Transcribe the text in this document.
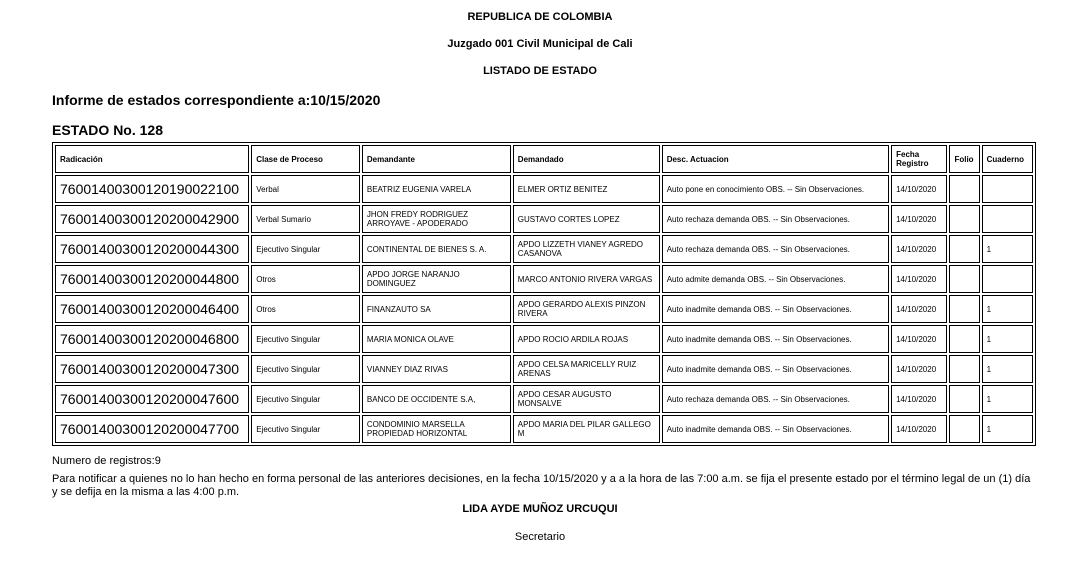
REPUBLICA DE COLOMBIA
Juzgado 001 Civil Municipal de Cali
LISTADO DE ESTADO
Informe de estados correspondiente a:10/15/2020
ESTADO No. 128
Radicación	Clase de Proceso	Demandante	Demandado	Desc. Actuacion	Fecha Registro	Folio	Cuaderno
76001400300120190022100	Verbal	BEATRIZ EUGENIA VARELA	ELMER ORTIZ BENITEZ	Auto pone en conocimiento OBS. -- Sin Observaciones.	14/10/2020		
76001400300120200042900	Verbal Sumario	JHON FREDY RODRIGUEZ ARROYAVE - APODERADO	GUSTAVO CORTES LOPEZ	Auto rechaza demanda OBS. -- Sin Observaciones.	14/10/2020		
76001400300120200044300	Ejecutivo Singular	CONTINENTAL DE BIENES S. A.	APDO LIZZETH VIANEY AGREDO CASANOVA	Auto rechaza demanda OBS. -- Sin Observaciones.	14/10/2020		1
76001400300120200044800	Otros	APDO JORGE NARANJO DOMINGUEZ	MARCO ANTONIO RIVERA VARGAS	Auto admite demanda OBS. -- Sin Observaciones.	14/10/2020		
76001400300120200046400	Otros	FINANZAUTO SA	APDO GERARDO ALEXIS PINZON RIVERA	Auto inadmite demanda OBS. -- Sin Observaciones.	14/10/2020		1
76001400300120200046800	Ejecutivo Singular	MARIA MONICA OLAVE	APDO ROCIO ARDILA ROJAS	Auto inadmite demanda OBS. -- Sin Observaciones.	14/10/2020		1
76001400300120200047300	Ejecutivo Singular	VIANNEY DIAZ RIVAS	APDO CELSA MARICELLY RUIZ ARENAS	Auto inadmite demanda OBS. -- Sin Observaciones.	14/10/2020		1
76001400300120200047600	Ejecutivo Singular	BANCO DE OCCIDENTE S.A,	APDO CESAR AUGUSTO MONSALVE	Auto rechaza demanda OBS. -- Sin Observaciones.	14/10/2020		1
76001400300120200047700	Ejecutivo Singular	CONDOMINIO MARSELLA PROPIEDAD HORIZONTAL	APDO MARIA DEL PILAR GALLEGO M	Auto inadmite demanda OBS. -- Sin Observaciones.	14/10/2020		1
Numero de registros:9
Para notificar a quienes no lo han hecho en forma personal de las anteriores decisiones, en la fecha 10/15/2020 y a a la hora de las 7:00 a.m. se fija el presente estado por el término legal de un (1) día y se defija en la misma a las 4:00 p.m.
LIDA AYDE MUÑOZ URCUQUI
Secretario
